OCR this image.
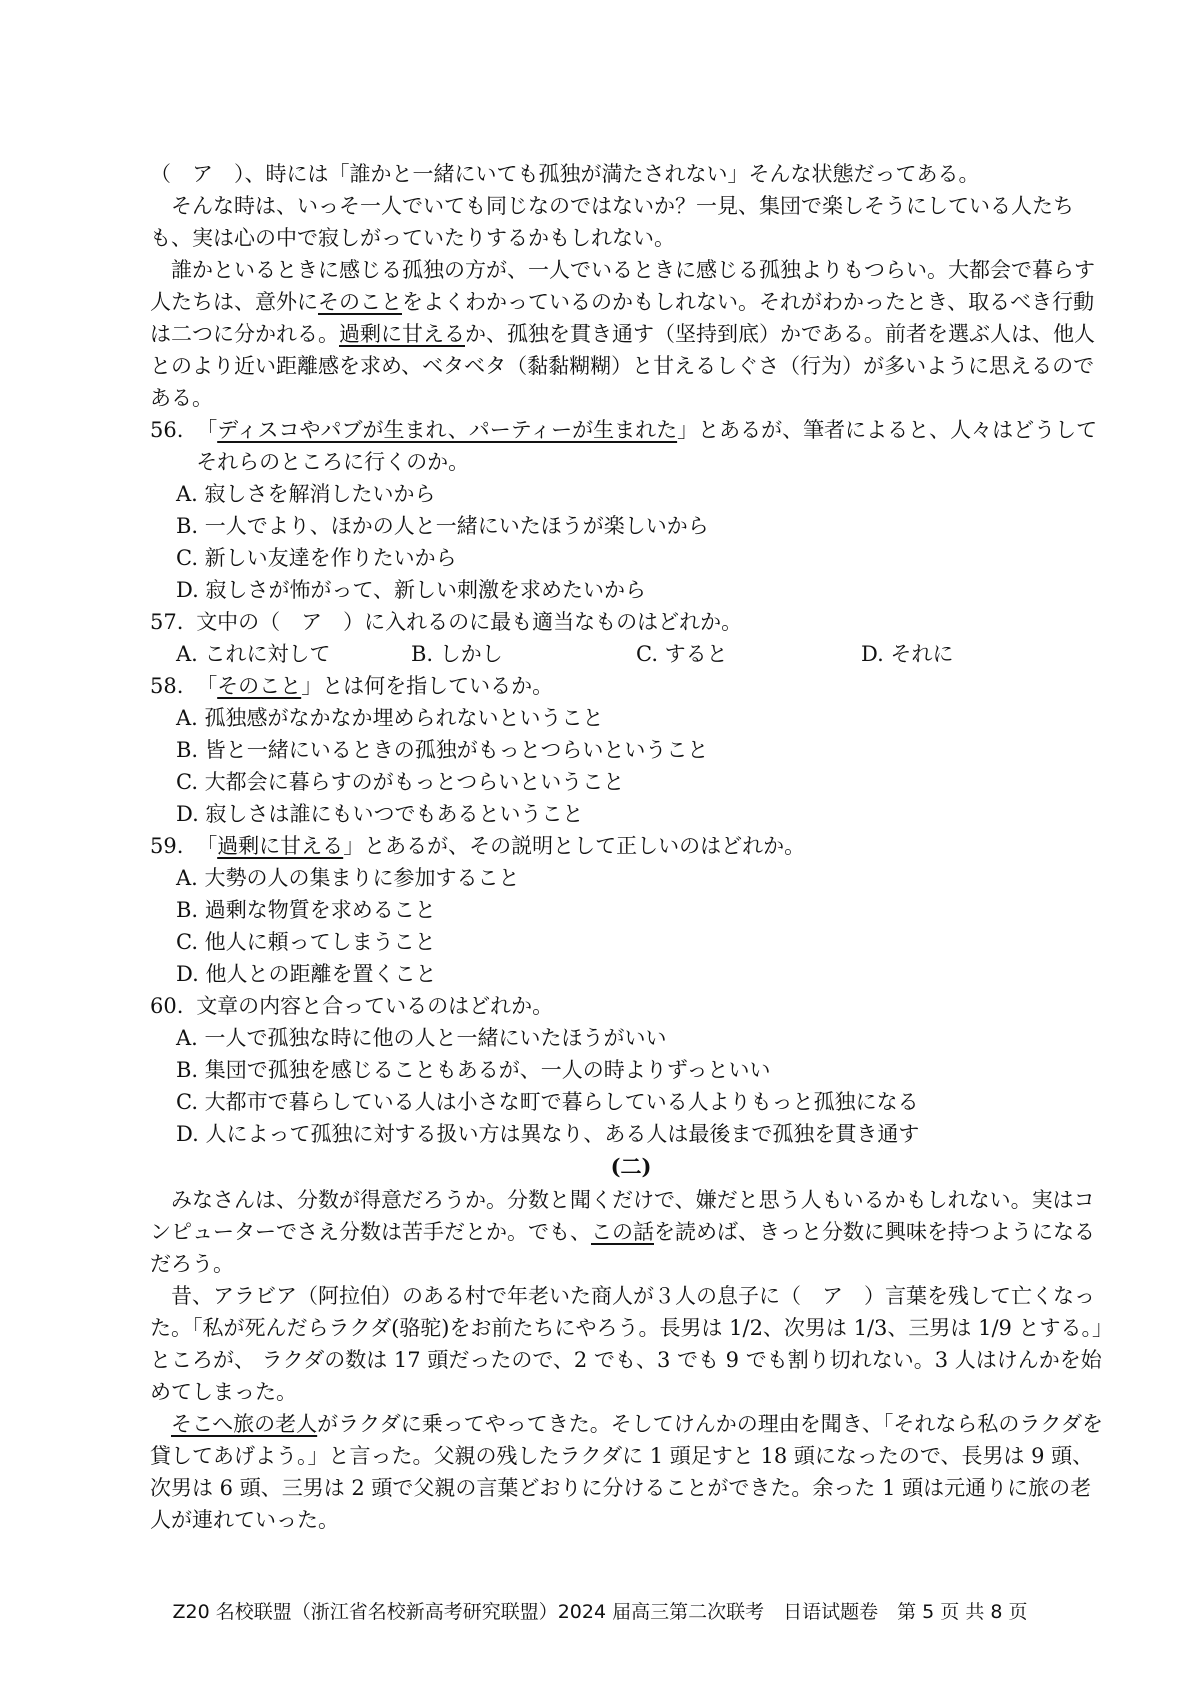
（　ア　）、時には「誰かと一緒にいても孤独が満たされない」そんな状態だってある。

そんな時は、いっそ一人でいても同じなのではないか？一見、集団で楽しそうにしている人たちも、実は心の中で寂しがっていたりするかもしれない。

誰かといるときに感じる孤独の方が、一人でいるときに感じる孤独よりもつらい。大都会で暮らす人たちは、意外にそのことをよくわかっているのかもしれない。それがわかったとき、取るべき行動は二つに分かれる。過剰に甘えるか、孤独を貫き通す（坚持到底）かである。前者を選ぶ人は、他人とのより近い距離感を求め、ベタベタ（黏黏糊糊）と甘えるしぐさ（行为）が多いように思えるのである。

56. 「ディスコやパブが生まれ、パーティーが生まれた」とあるが、筆者によると、人々はどうしてそれらのところに行くのか。

A. 寂しさを解消したいから

B. 一人でより、ほかの人と一緒にいたほうが楽しいから

C. 新しい友達を作りたいから

D. 寂しさが怖がって、新しい刺激を求めたいから

57. 文中の（　ア　）に入れるのに最も適当なものはどれか。

A. これに対して	B. しかし	C. すると	D. それに

58. 「そのこと」とは何を指しているか。

A. 孤独感がなかなか埋められないということ

B. 皆と一緒にいるときの孤独がもっとつらいということ

C. 大都会に暮らすのがもっとつらいということ

D. 寂しさは誰にもいつでもあるということ

59. 「過剰に甘える」とあるが、その説明として正しいのはどれか。

A. 大勢の人の集まりに参加すること

B. 過剰な物質を求めること

C. 他人に頼ってしまうこと

D. 他人との距離を置くこと

60. 文章の内容と合っているのはどれか。

A. 一人で孤独な時に他の人と一緒にいたほうがいい

B. 集団で孤独を感じることもあるが、一人の時よりずっといい

C. 大都市で暮らしている人は小さな町で暮らしている人よりもっと孤独になる

D. 人によって孤独に対する扱い方は異なり、ある人は最後まで孤独を貫き通す

(二)

みなさんは、分数が得意だろうか。分数と聞くだけで、嫌だと思う人もいるかもしれない。実はコンピューターでさえ分数は苦手だとか。でも、この話を読めば、きっと分数に興味を持つようになるだろう。

昔、アラビア（阿拉伯）のある村で年老いた商人が３人の息子に（　ア　）言葉を残して亡くなった。「私が死んだらラクダ(骆驼)をお前たちにやろう。長男は 1/2、次男は 1/3、三男は 1/9 とする。」ところが、 ラクダの数は 17 頭だったので、2 でも、3 でも 9 でも割り切れない。3 人はけんかを始めてしまった。

そこへ旅の老人がラクダに乗ってやってきた。そしてけんかの理由を聞き、「それなら私のラクダを貸してあげよう。」と言った。父親の残したラクダに 1 頭足すと 18 頭になったので、長男は 9 頭、次男は 6 頭、三男は 2 頭で父親の言葉どおりに分けることができた。余った 1 頭は元通りに旅の老人が連れていった。

Z20 名校联盟（浙江省名校新高考研究联盟）2024 届高三第二次联考　日语试题卷　第 5 页 共 8 页
